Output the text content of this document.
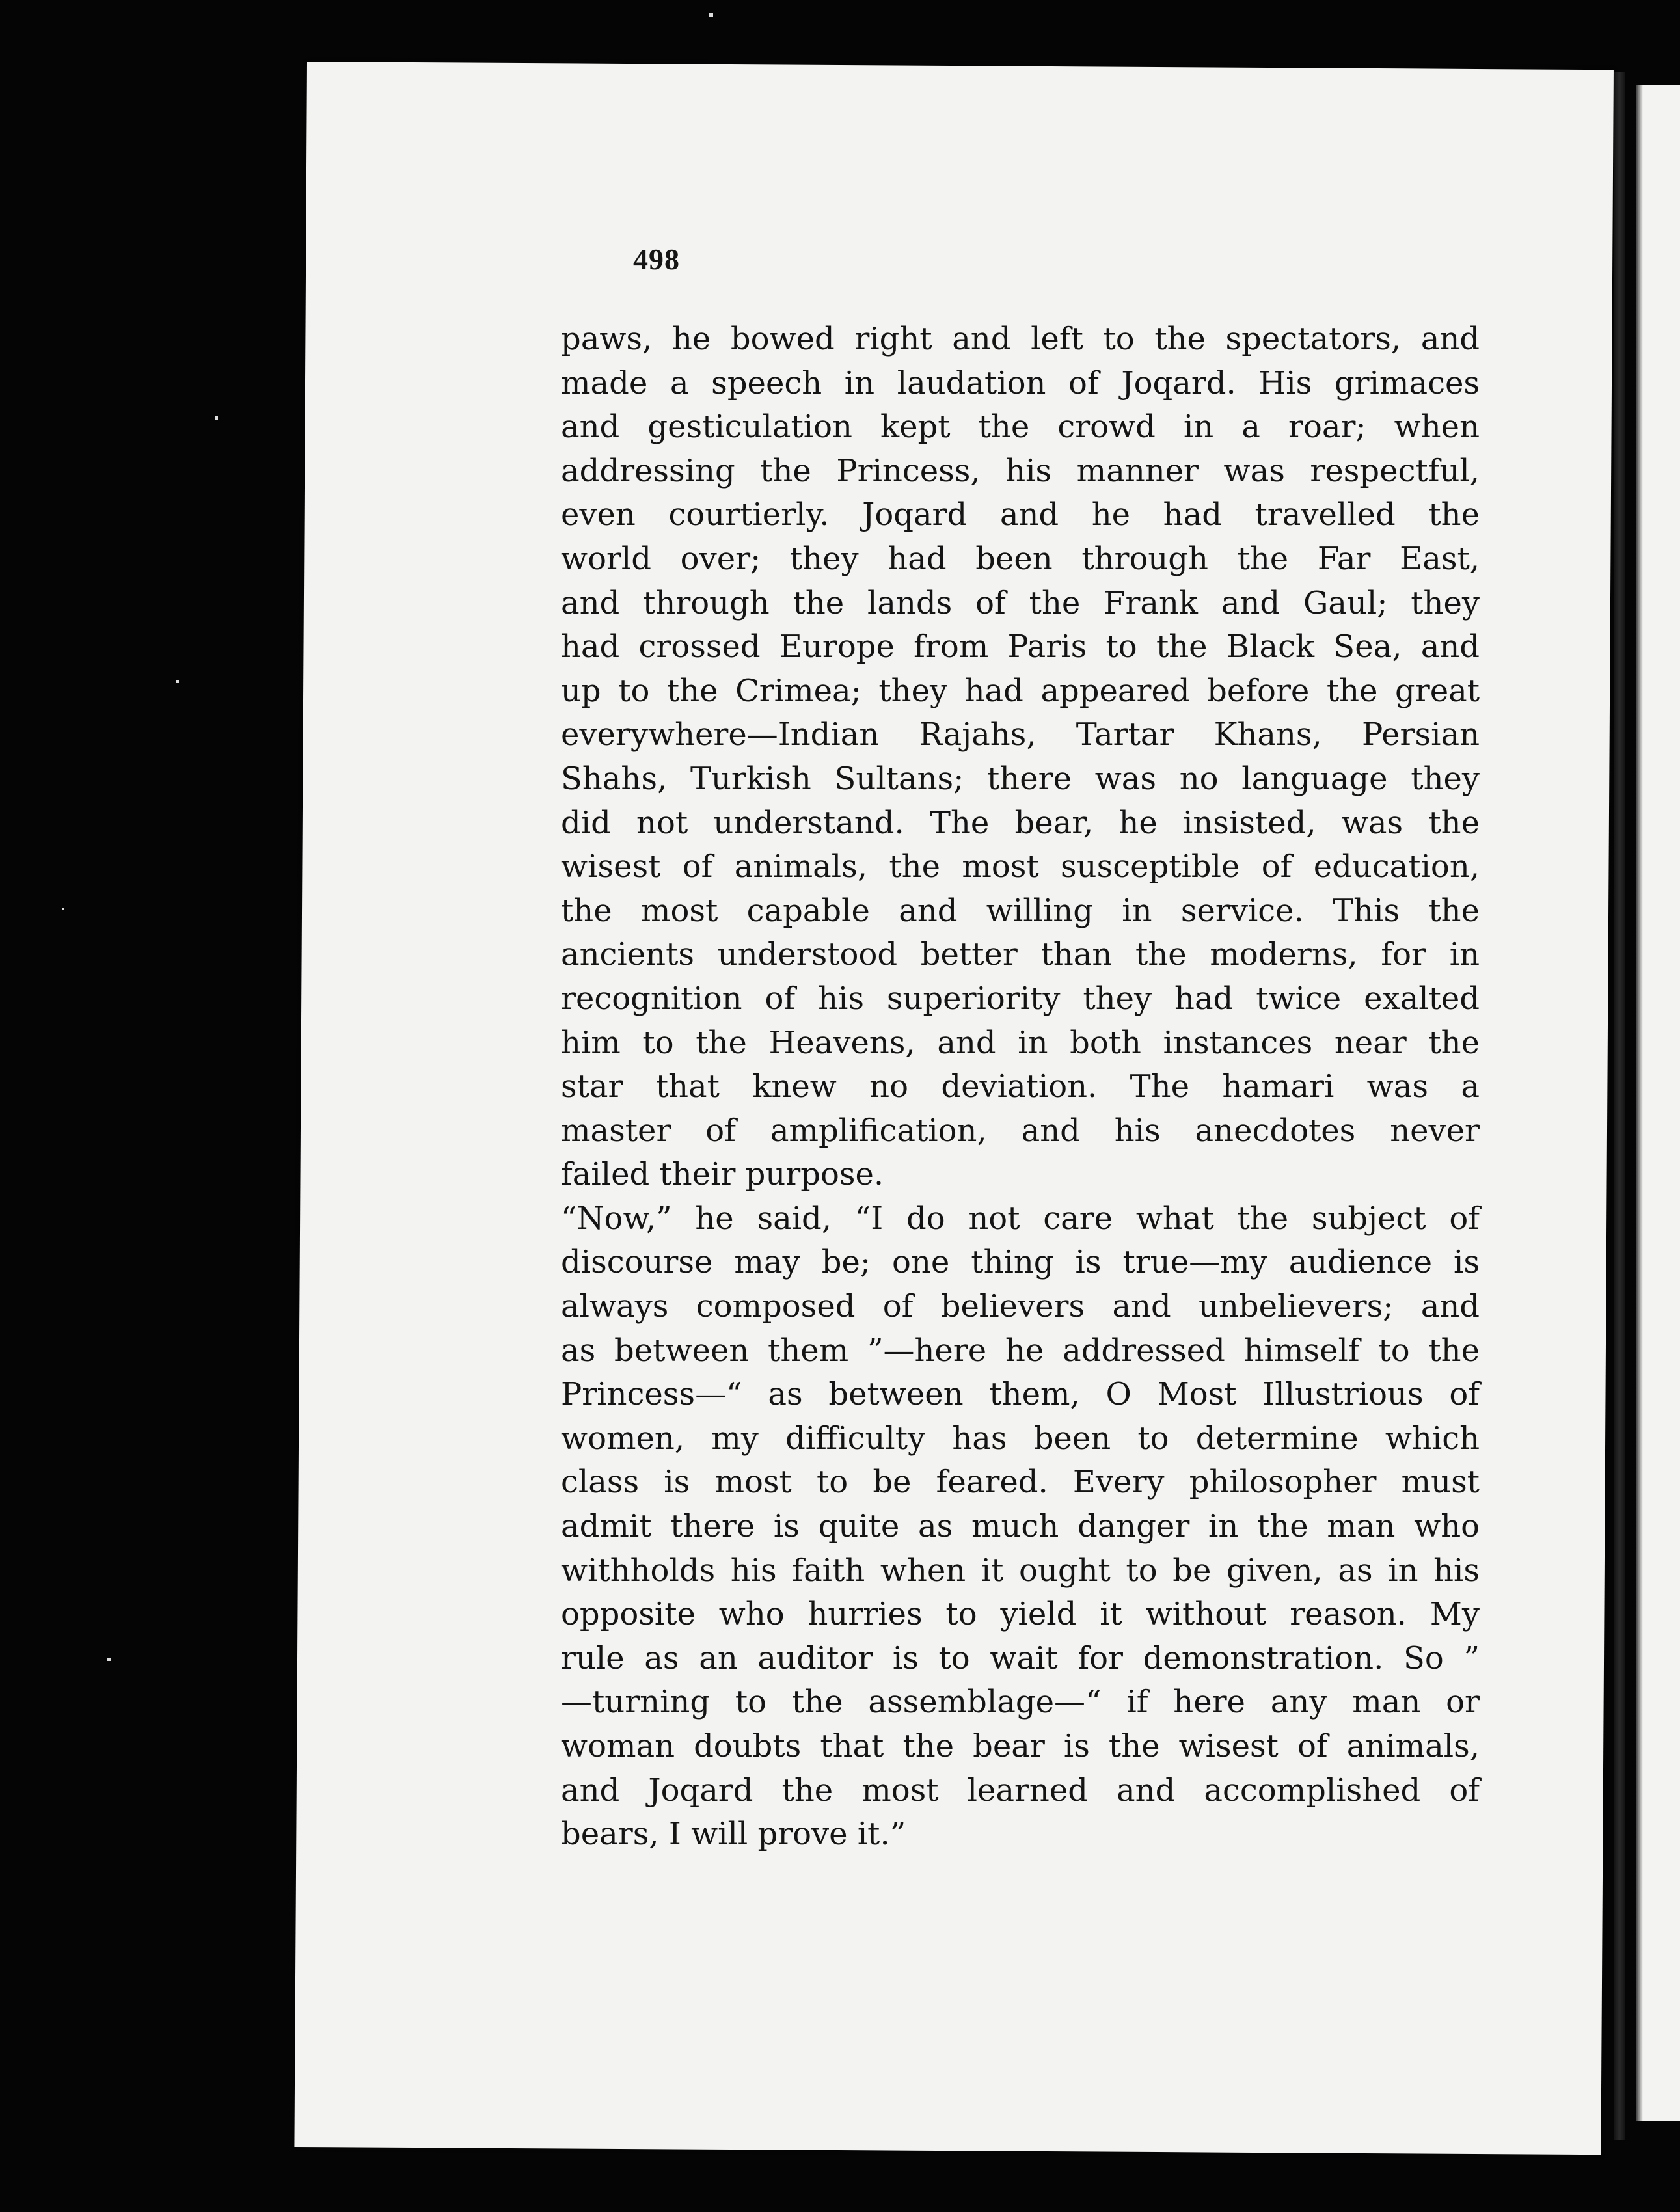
498
paws, he bowed right and left to the spectators, and
made a speech in laudation of Joqard. His grimaces
and gesticulation kept the crowd in a roar; when
addressing the Princess, his manner was respectful,
even courtierly. Joqard and he had travelled the
world over; they had been through the Far East,
and through the lands of the Frank and Gaul; they
had crossed Europe from Paris to the Black Sea, and
up to the Crimea; they had appeared before the great
everywhere—Indian Rajahs, Tartar Khans, Persian
Shahs, Turkish Sultans; there was no language they
did not understand. The bear, he insisted, was the
wisest of animals, the most susceptible of education,
the most capable and willing in service. This the
ancients understood better than the moderns, for in
recognition of his superiority they had twice exalted
him to the Heavens, and in both instances near the
star that knew no deviation. The hamari was a
master of amplification, and his anecdotes never
failed their purpose.
“Now,” he said, “I do not care what the subject of
discourse may be; one thing is true—my audience is
always composed of believers and unbelievers; and
as between them ”—here he addressed himself to the
Princess—“ as between them, O Most Illustrious of
women, my difficulty has been to determine which
class is most to be feared. Every philosopher must
admit there is quite as much danger in the man who
withholds his faith when it ought to be given, as in his
opposite who hurries to yield it without reason. My
rule as an auditor is to wait for demonstration. So ”
—turning to the assemblage—“ if here any man or
woman doubts that the bear is the wisest of animals,
and Joqard the most learned and accomplished of
bears, I will prove it.”
